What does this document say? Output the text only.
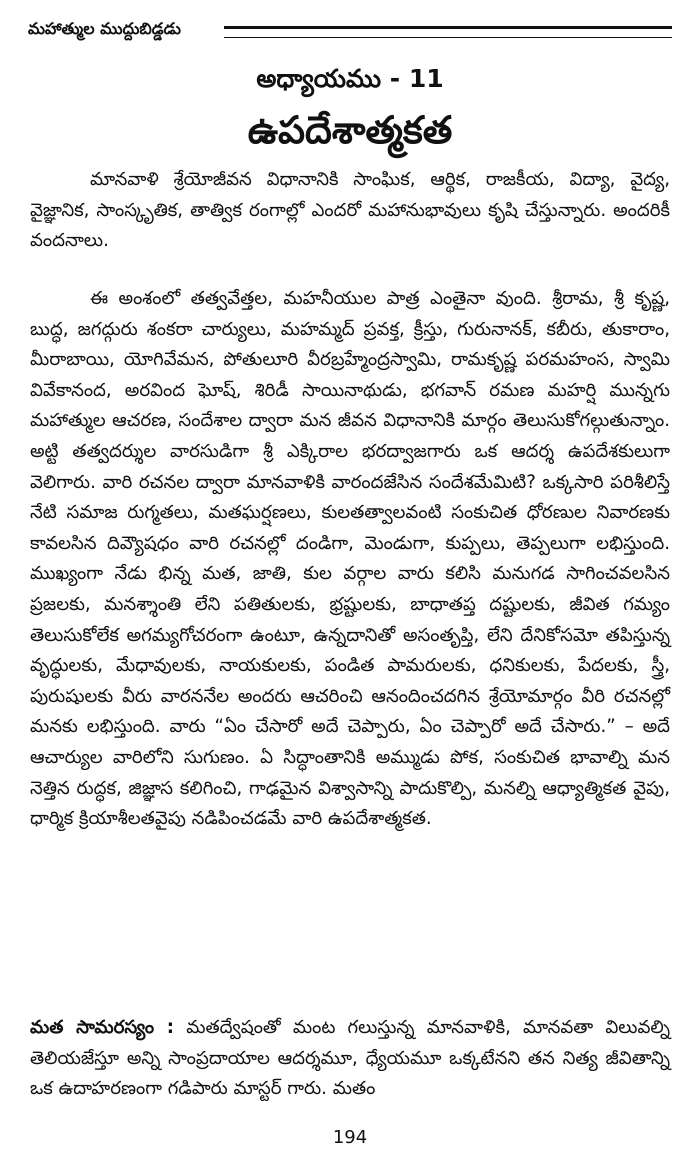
మహాత్ముల ముద్దుబిడ్డడు
అధ్యాయము - 11
ఉపదేశాత్మకత

మానవాళి శ్రేయోజీవన విధానానికి సాంఘిక, ఆర్థిక, రాజకీయ, విద్యా, వైద్య, వైజ్ఞానిక, సాంస్కృతిక, తాత్విక రంగాల్లో ఎందరో మహానుభావులు కృషి చేస్తున్నారు. అందరికీ వందనాలు.

ఈ అంశంలో తత్వవేత్తల, మహనీయుల పాత్ర ఎంతైనా వుంది. శ్రీరామ, శ్రీ కృష్ణ, బుద్ధ, జగద్గురు శంకరా చార్యులు, మహమ్మద్ ప్రవక్త, క్రీస్తు, గురునానక్, కబీరు, తుకారాం, మీరాబాయి, యోగివేమన, పోతులూరి వీరబ్రహ్మేంద్రస్వామి, రామకృష్ణ పరమహంస, స్వామి వివేకానంద, అరవింద ఘోష్, శిరిడీ సాయినాథుడు, భగవాన్ రమణ మహర్షి మున్నగు మహాత్ముల ఆచరణ, సందేశాల ద్వారా మన జీవన విధానానికి మార్గం తెలుసుకోగల్గుతున్నాం. అట్టి తత్వదర్శుల వారసుడిగా శ్రీ ఎక్కిరాల భరద్వాజగారు ఒక ఆదర్శ ఉపదేశకులుగా వెలిగారు. వారి రచనల ద్వారా మానవాళికి వారందజేసిన సందేశమేమిటి? ఒక్కసారి పరిశీలిస్తే నేటి సమాజ రుగ్మతలు, మతఘర్షణలు, కులతత్వాలవంటి సంకుచిత ధోరణుల నివారణకు కావలసిన దివ్యౌషధం వారి రచనల్లో దండిగా, మెండుగా, కుప్పలు, తెప్పలుగా లభిస్తుంది. ముఖ్యంగా నేడు భిన్న మత, జాతి, కుల వర్గాల వారు కలిసి మనుగడ సాగించవలసిన ప్రజలకు, మనశ్శాంతి లేని పతితులకు, భ్రష్టులకు, బాధాతప్త దష్టులకు, జీవిత గమ్యం తెలుసుకోలేక అగమ్యగోచరంగా ఉంటూ, ఉన్నదానితో అసంతృప్తి, లేని దేనికోసమో తపిస్తున్న వృద్ధులకు, మేధావులకు, నాయకులకు, పండిత పామరులకు, ధనికులకు, పేదలకు, స్త్రీ, పురుషులకు వీరు వారననేల అందరు ఆచరించి ఆనందించదగిన శ్రేయోమార్గం వీరి రచనల్లో మనకు లభిస్తుంది. వారు “ఏం చేసారో అదే చెప్పారు, ఏం చెప్పారో అదే చేసారు.” – అదే ఆచార్యుల వారిలోని సుగుణం. ఏ సిద్ధాంతానికి అమ్ముడు పోక, సంకుచిత భావాల్ని మన నెత్తిన రుద్ధక, జిజ్ఞాస కలిగించి, గాఢమైన విశ్వాసాన్ని పాదుకొల్పి, మనల్ని ఆధ్యాత్మికత వైపు, ధార్మిక క్రియాశీలతవైపు నడిపించడమే వారి ఉపదేశాత్మకత.

మత సామరస్యం : మతద్వేషంతో మంట గలుస్తున్న మానవాళికి, మానవతా విలువల్ని తెలియజేస్తూ అన్ని సాంప్రదాయాల ఆదర్శమూ, ధ్యేయమూ ఒక్కటేనని తన నిత్య జీవితాన్ని ఒక ఉదాహరణంగా గడిపారు మాస్టర్ గారు. మతం

194
